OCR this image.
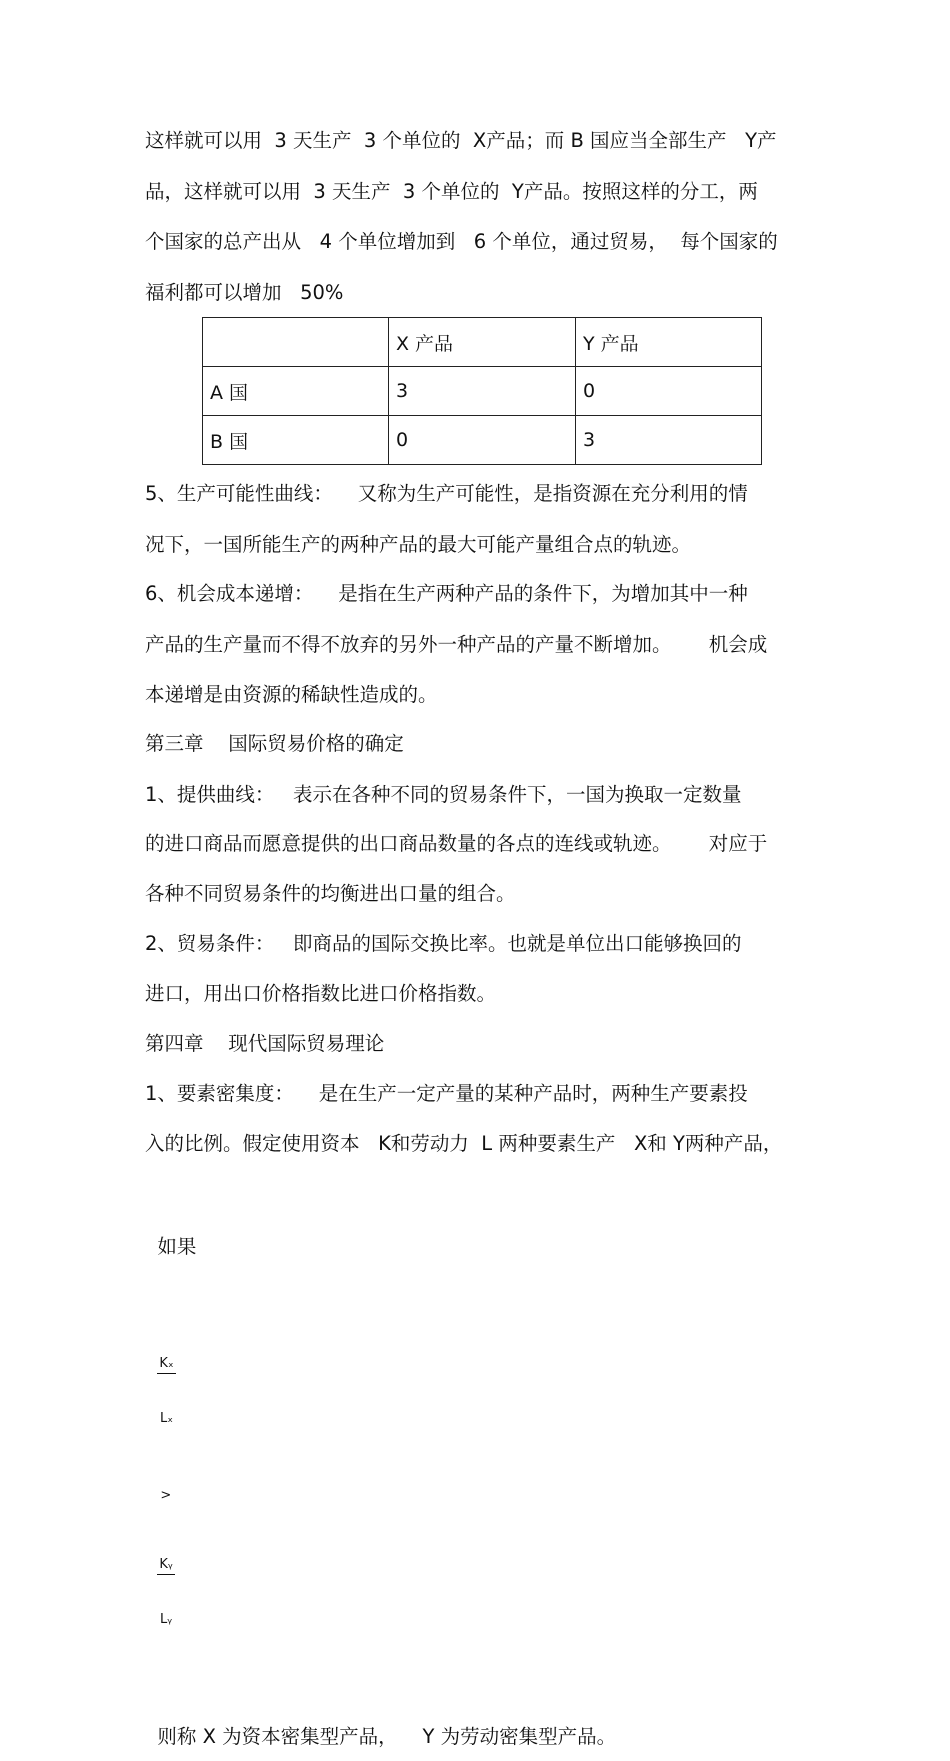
这样就可以用  3 天生产  3 个单位的  X产品；而 B 国应当全部生产   Y产

品，这样就可以用  3 天生产  3 个单位的  Y产品。按照这样的分工，两

个国家的总产出从   4 个单位增加到   6 个单位，通过贸易，  每个国家的

福利都可以增加   50%

	X 产品	Y 产品
A 国	3	0
B 国	0	3

5、生产可能性曲线：    又称为生产可能性，是指资源在充分利用的情

况下，一国所能生产的两种产品的最大可能产量组合点的轨迹。

6、机会成本递增：    是指在生产两种产品的条件下，为增加其中一种

产品的生产量而不得不放弃的另外一种产品的产量不断增加。      机会成

本递增是由资源的稀缺性造成的。

第三章    国际贸易价格的确定

1、提供曲线：   表示在各种不同的贸易条件下，一国为换取一定数量

的进口商品而愿意提供的出口商品数量的各点的连线或轨迹。      对应于

各种不同贸易条件的均衡进出口量的组合。

2、贸易条件：   即商品的国际交换比率。也就是单位出口能够换回的

进口，用出口价格指数比进口价格指数。

第四章    现代国际贸易理论

1、要素密集度：    是在生产一定产量的某种产品时，两种生产要素投

入的比例。假定使用资本   K和劳动力  L 两种要素生产   X和 Y两种产品，

如果

$\frac{\text{Kₓ}}{\text{Lₓ}}$

>

$\frac{\text{Kᵧ}}{\text{Lᵧ}}$

则称 X 为资本密集型产品，    Y 为劳动密集型产品。
